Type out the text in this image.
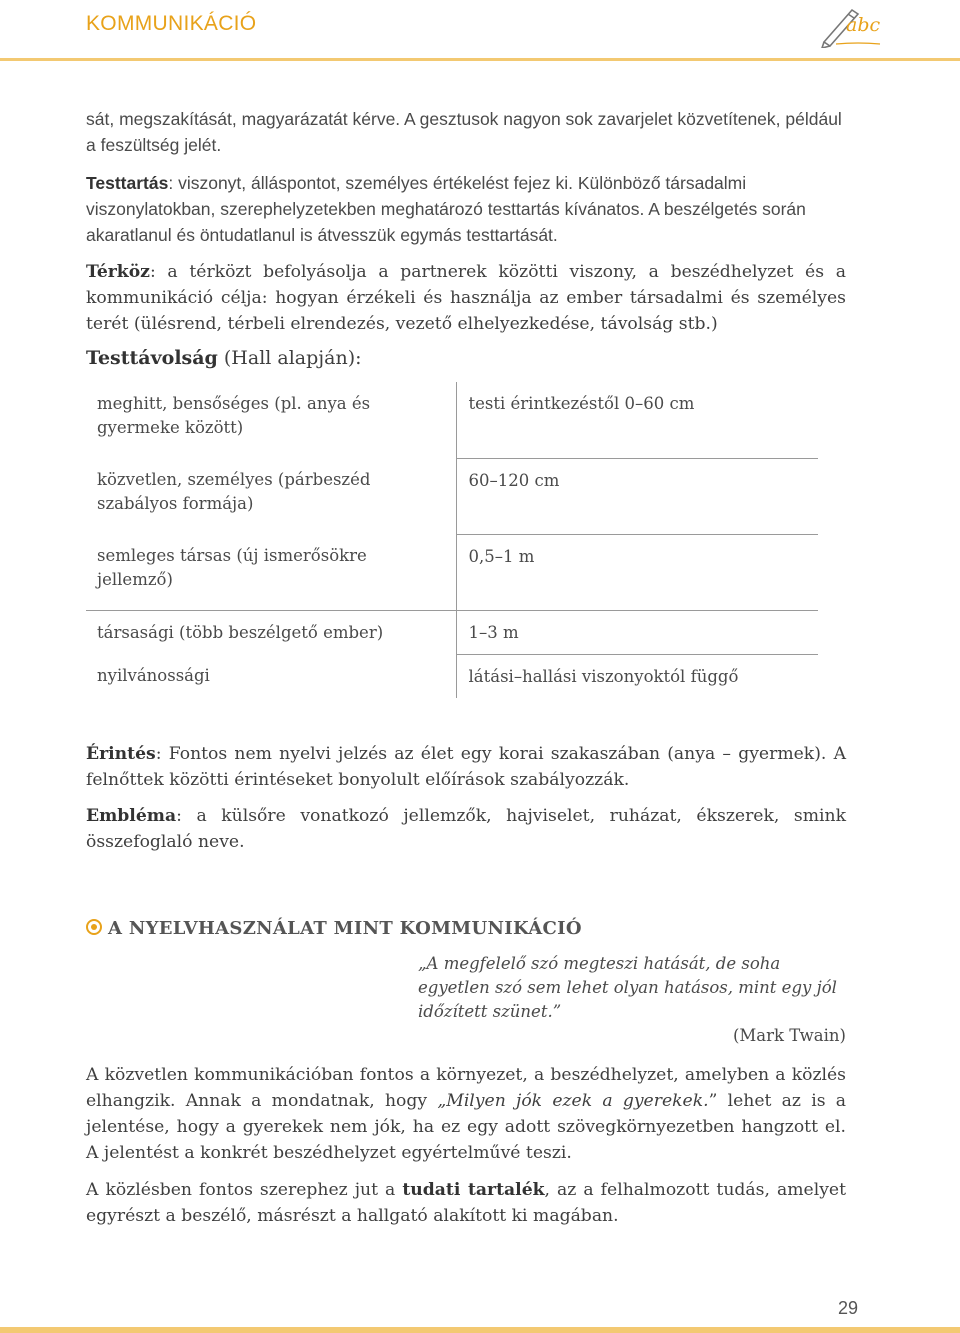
KOMMUNIKÁCIÓ	abc

sát, megszakítását, magyarázatát kérve. A gesztusok nagyon sok zavarjelet közvetítenek, például a feszültség jelét.

Testtartás: viszonyt, álláspontot, személyes értékelést fejez ki. Különböző társadalmi viszonylatokban, szerephelyzetekben meghatározó testtartás kívánatos. A beszélgetés során akaratlanul és öntudatlanul is átvesszük egymás testtartását.

Térköz: a térközt befolyásolja a partnerek közötti viszony, a beszédhelyzet és a kommunikáció célja: hogyan érzékeli és használja az ember társadalmi és személyes terét (ülésrend, térbeli elrendezés, vezető elhelyezkedése, távolság stb.)

Testtávolság (Hall alapján):

meghitt, bensőséges (pl. anya és gyermeke között)	testi érintkezéstől 0–60 cm
közvetlen, személyes (párbeszéd szabályos formája)	60–120 cm
semleges társas (új ismerősökre jellemző)	0,5–1 m
társasági (több beszélgető ember)	1–3 m
nyilvánossági	látási–hallási viszonyoktól függő

Érintés: Fontos nem nyelvi jelzés az élet egy korai szakaszában (anya – gyermek). A felnőttek közötti érintéseket bonyolult előírások szabályozzák.

Embléma: a külsőre vonatkozó jellemzők, hajviselet, ruházat, ékszerek, smink összefoglaló neve.

A NYELVHASZNÁLAT MINT KOMMUNIKÁCIÓ
„A megfelelő szó megteszi hatását, de soha egyetlen szó sem lehet olyan hatásos, mint egy jól időzített szünet.”
(Mark Twain)

A közvetlen kommunikációban fontos a környezet, a beszédhelyzet, amelyben a közlés elhangzik. Annak a mondatnak, hogy „Milyen jók ezek a gyerekek.” lehet az is a jelentése, hogy a gyerekek nem jók, ha ez egy adott szövegkörnyezetben hangzott el. A jelentést a konkrét beszédhelyzet egyértelművé teszi.

A közlésben fontos szerephez jut a tudati tartalék, az a felhalmozott tudás, amelyet egyrészt a beszélő, másrészt a hallgató alakított ki magában.

29
